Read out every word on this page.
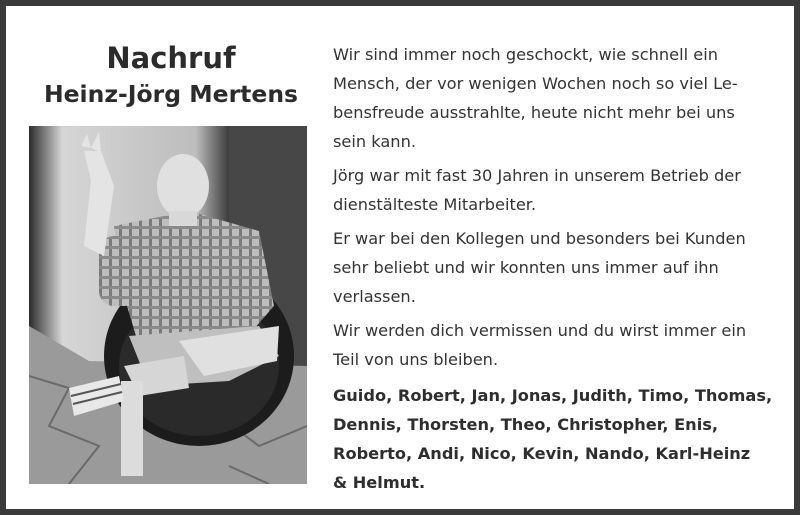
Nachruf
Heinz-Jörg Mertens

Wir sind immer noch geschockt, wie schnell ein
Mensch, der vor wenigen Wochen noch so viel Le-
bensfreude ausstrahlte, heute nicht mehr bei uns
sein kann.

Jörg war mit fast 30 Jahren in unserem Betrieb der
dienstälteste Mitarbeiter.

Er war bei den Kollegen und besonders bei Kunden
sehr beliebt und wir konnten uns immer auf ihn
verlassen.

Wir werden dich vermissen und du wirst immer ein
Teil von uns bleiben.

Guido, Robert, Jan, Jonas, Judith, Timo, Thomas,
Dennis, Thorsten, Theo, Christopher, Enis,
Roberto, Andi, Nico, Kevin, Nando, Karl-Heinz
& Helmut.
